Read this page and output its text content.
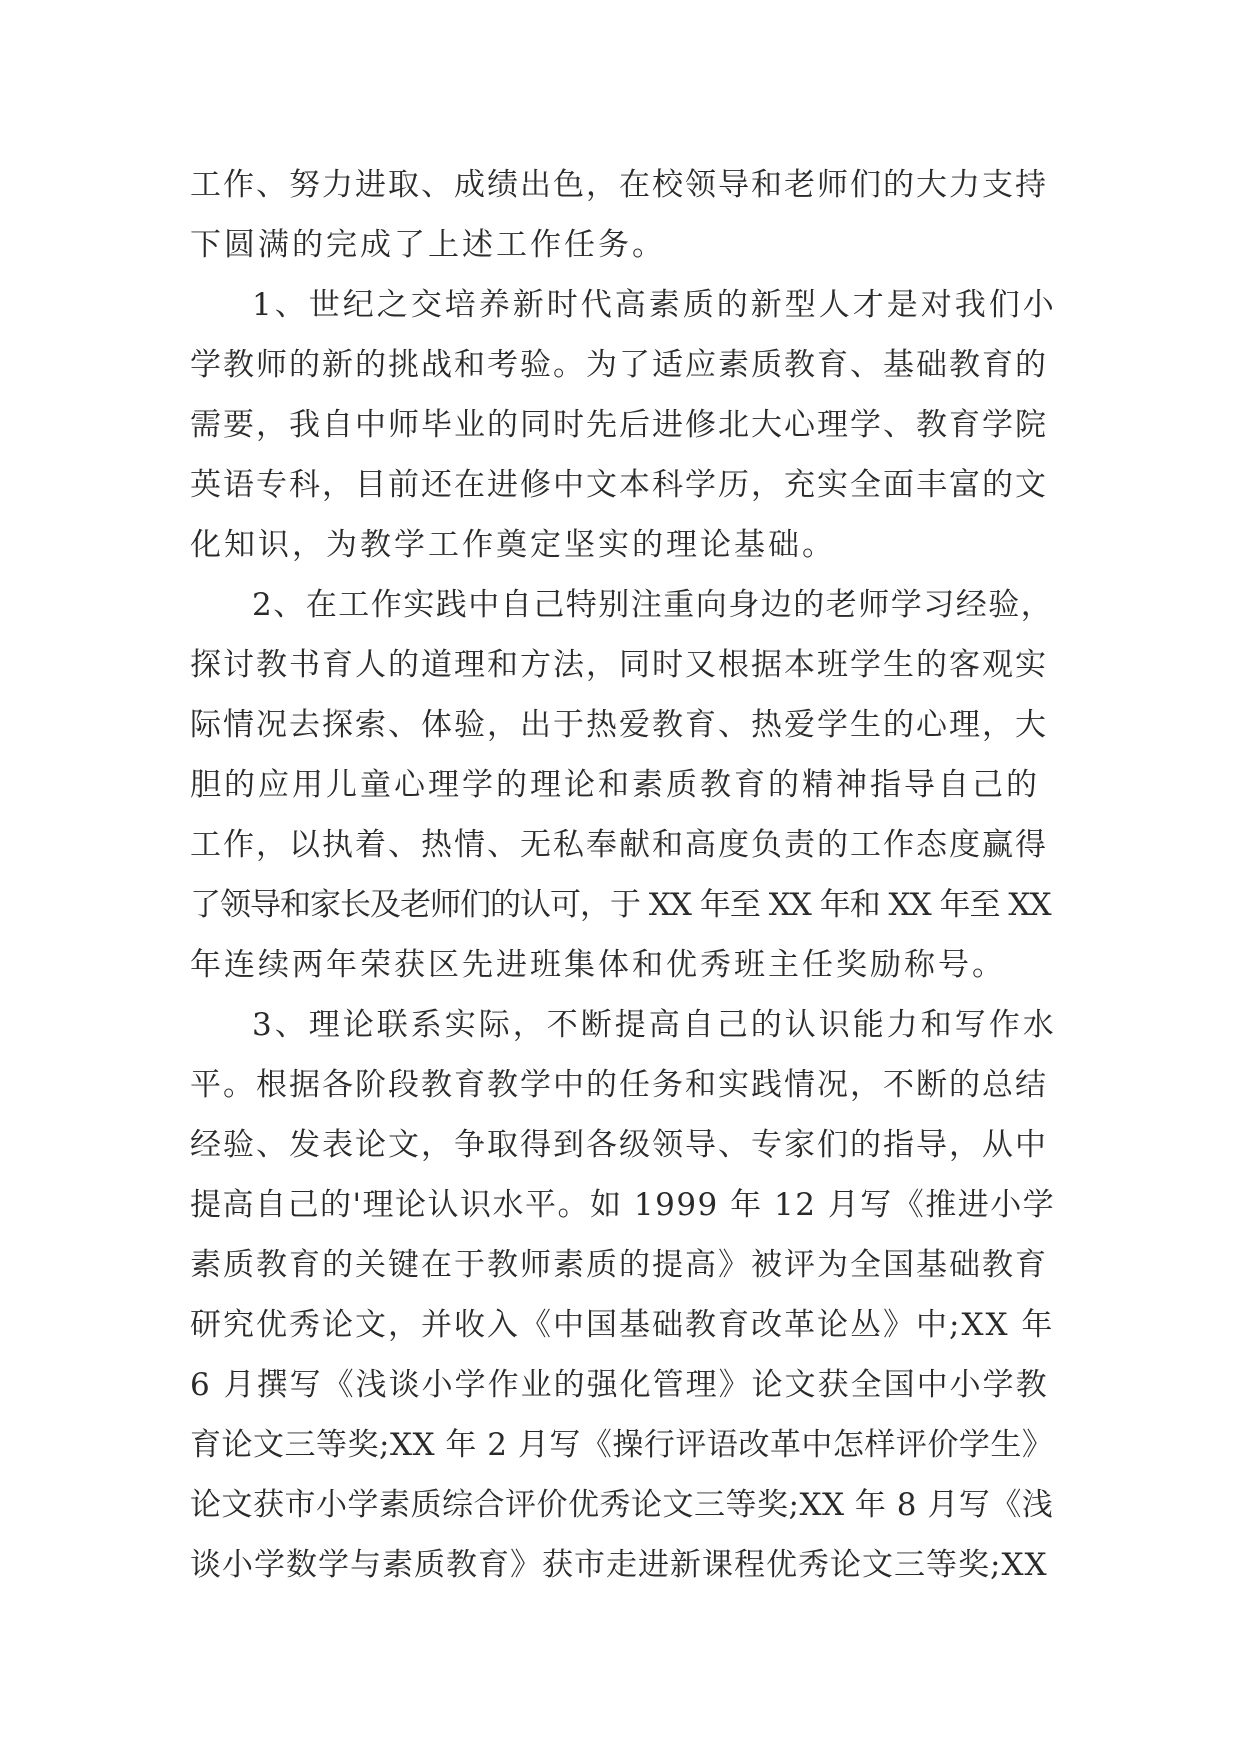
工作、努力进取、成绩出色，在校领导和老师们的大力支持
下圆满的完成了上述工作任务。
1、世纪之交培养新时代高素质的新型人才是对我们小
学教师的新的挑战和考验。为了适应素质教育、基础教育的
需要，我自中师毕业的同时先后进修北大心理学、教育学院
英语专科，目前还在进修中文本科学历，充实全面丰富的文
化知识，为教学工作奠定坚实的理论基础。
2、在工作实践中自己特别注重向身边的老师学习经验，
探讨教书育人的道理和方法，同时又根据本班学生的客观实
际情况去探索、体验，出于热爱教育、热爱学生的心理，大
胆的应用儿童心理学的理论和素质教育的精神指导自己的
工作，以执着、热情、无私奉献和高度负责的工作态度赢得
了领导和家长及老师们的认可，于 XX 年至 XX 年和 XX 年至 XX
年连续两年荣获区先进班集体和优秀班主任奖励称号。
3、理论联系实际，不断提高自己的认识能力和写作水
平。根据各阶段教育教学中的任务和实践情况，不断的总结
经验、发表论文，争取得到各级领导、专家们的指导，从中
提高自己的'理论认识水平。如 1999 年 12 月写《推进小学
素质教育的关键在于教师素质的提高》被评为全国基础教育
研究优秀论文，并收入《中国基础教育改革论丛》中;XX 年
6 月撰写《浅谈小学作业的强化管理》论文获全国中小学教
育论文三等奖;XX 年 2 月写《操行评语改革中怎样评价学生》
论文获市小学素质综合评价优秀论文三等奖;XX 年 8 月写《浅
谈小学数学与素质教育》获市走进新课程优秀论文三等奖;XX
